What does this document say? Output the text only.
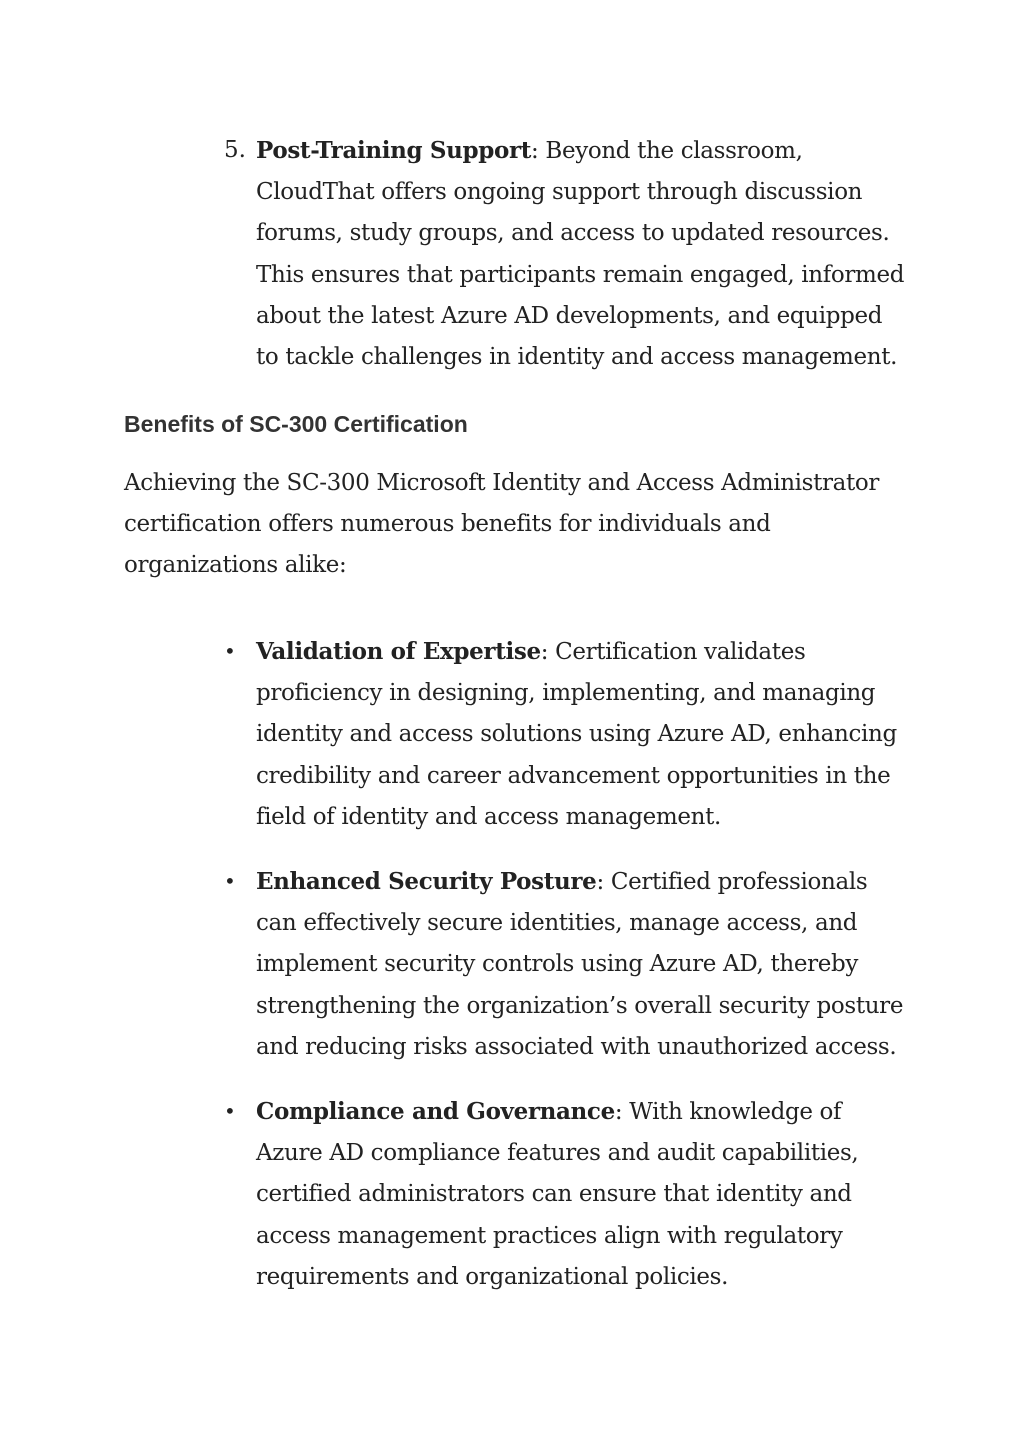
5. Post-Training Support: Beyond the classroom, CloudThat offers ongoing support through discussion forums, study groups, and access to updated resources. This ensures that participants remain engaged, informed about the latest Azure AD developments, and equipped to tackle challenges in identity and access management.

Benefits of SC-300 Certification

Achieving the SC-300 Microsoft Identity and Access Administrator certification offers numerous benefits for individuals and organizations alike:

• Validation of Expertise: Certification validates proficiency in designing, implementing, and managing identity and access solutions using Azure AD, enhancing credibility and career advancement opportunities in the field of identity and access management.

• Enhanced Security Posture: Certified professionals can effectively secure identities, manage access, and implement security controls using Azure AD, thereby strengthening the organization’s overall security posture and reducing risks associated with unauthorized access.

• Compliance and Governance: With knowledge of Azure AD compliance features and audit capabilities, certified administrators can ensure that identity and access management practices align with regulatory requirements and organizational policies.
